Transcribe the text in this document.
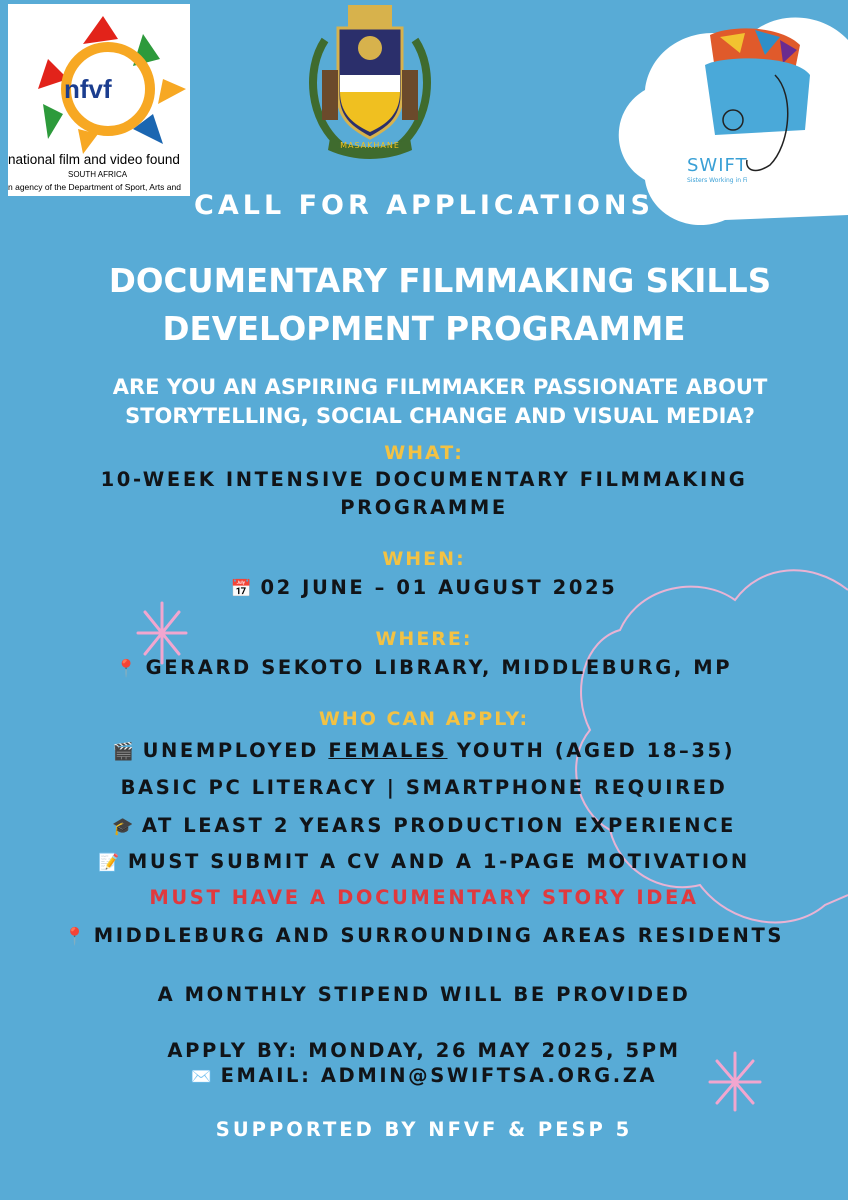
nfvf
national film and video found
SOUTH AFRICA
n agency of the Department of Sport, Arts and
MASAKHANE
SWIFT
Sisters Working in Fi
CALL FOR APPLICATIONS
DOCUMENTARY FILMMAKING SKILLS
DEVELOPMENT PROGRAMME
ARE YOU AN ASPIRING FILMMAKER PASSIONATE ABOUT
STORYTELLING, SOCIAL CHANGE AND VISUAL MEDIA?
WHAT:
10-WEEK INTENSIVE DOCUMENTARY FILMMAKING
PROGRAMME
WHEN:
📅 02 JUNE – 01 AUGUST 2025
WHERE:
📍 GERARD SEKOTO LIBRARY, MIDDLEBURG, MP
WHO CAN APPLY:
🎬 UNEMPLOYED FEMALES YOUTH (AGED 18–35)
BASIC PC LITERACY | SMARTPHONE REQUIRED
🎓 AT LEAST 2 YEARS PRODUCTION EXPERIENCE
📝 MUST SUBMIT A CV AND A 1-PAGE MOTIVATION
MUST HAVE A DOCUMENTARY STORY IDEA
📍 MIDDLEBURG AND SURROUNDING AREAS RESIDENTS
A MONTHLY STIPEND WILL BE PROVIDED
APPLY BY: MONDAY, 26 MAY 2025, 5PM
✉️ EMAIL: ADMIN@SWIFTSA.ORG.ZA
SUPPORTED BY NFVF & PESP 5
